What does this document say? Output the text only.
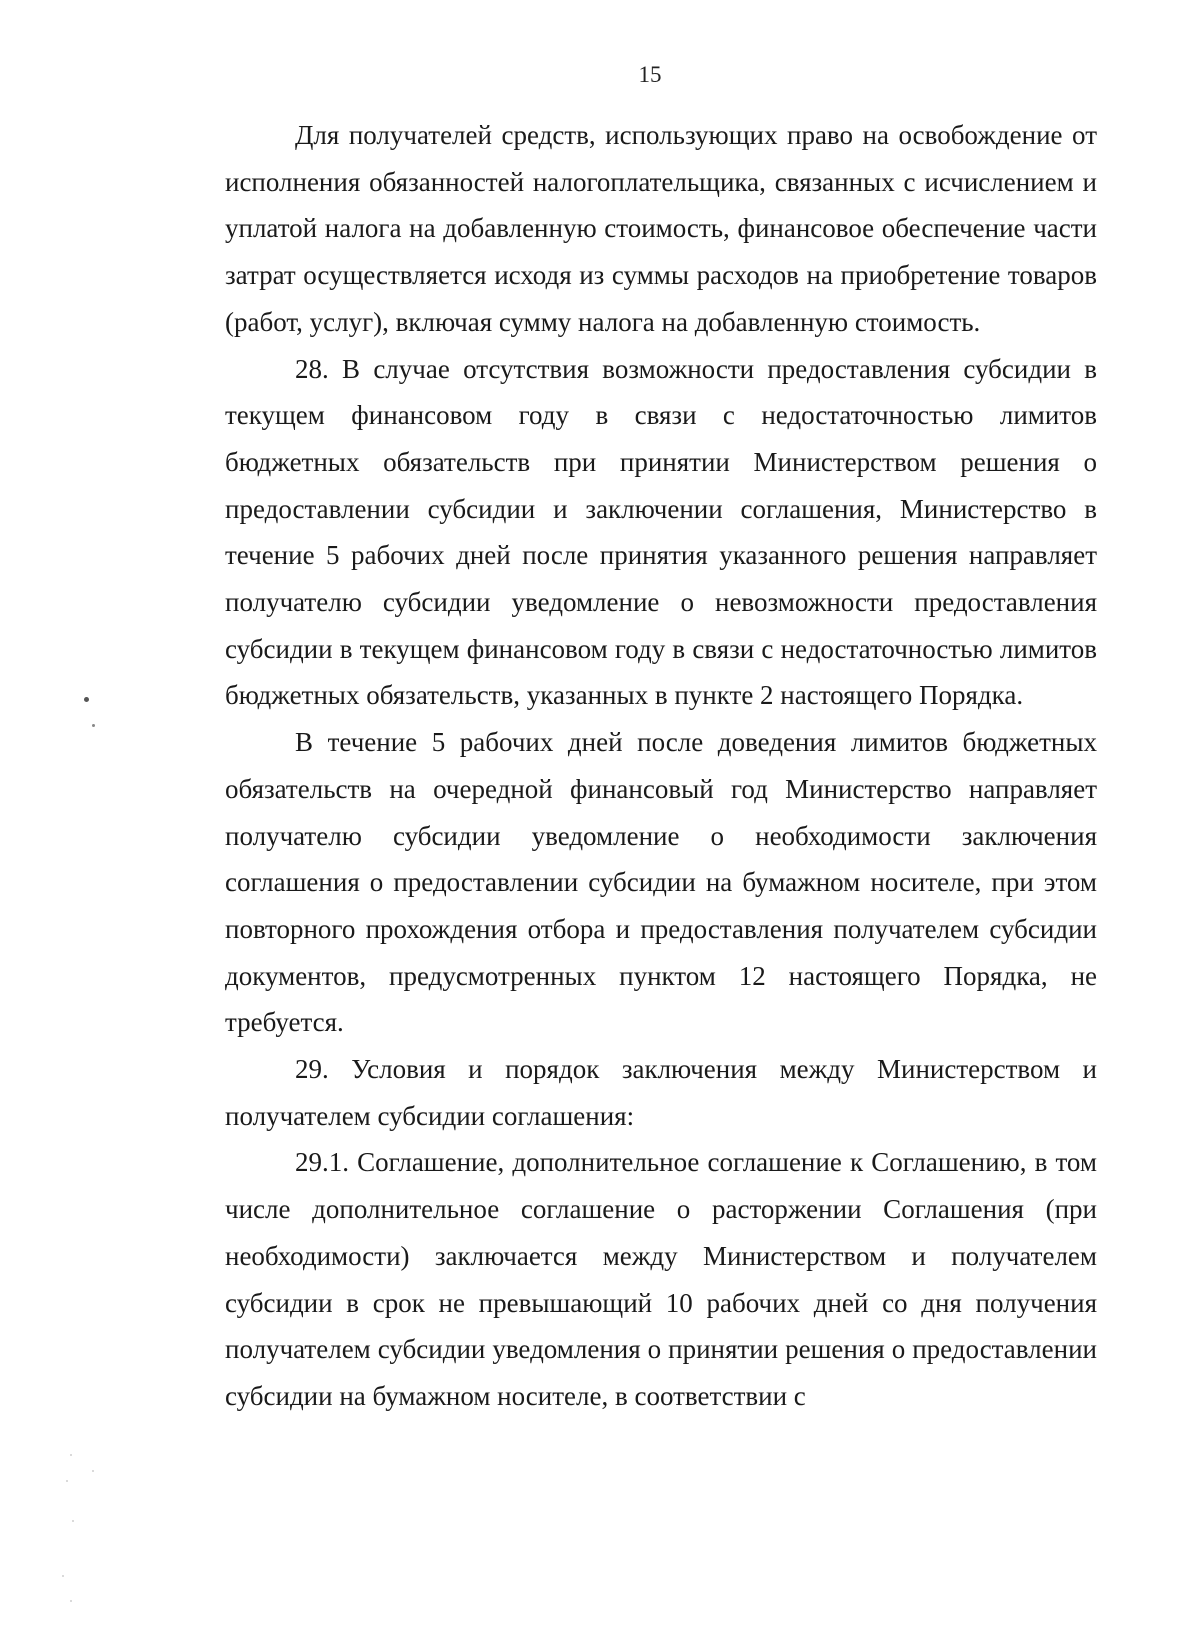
15

Для получателей средств, использующих право на освобождение от исполнения обязанностей налогоплательщика, связанных с исчислением и уплатой налога на добавленную стоимость, финансовое обеспечение части затрат осуществляется исходя из суммы расходов на приобретение товаров (работ, услуг), включая сумму налога на добавленную стоимость.

28. В случае отсутствия возможности предоставления субсидии в текущем финансовом году в связи с недостаточностью лимитов бюджетных обязательств при принятии Министерством решения о предоставлении субсидии и заключении соглашения, Министерство в течение 5 рабочих дней после принятия указанного решения направляет получателю субсидии уведомление о невозможности предоставления субсидии в текущем финансовом году в связи с недостаточностью лимитов бюджетных обязательств, указанных в пункте 2 настоящего Порядка.

В течение 5 рабочих дней после доведения лимитов бюджетных обязательств на очередной финансовый год Министерство направляет получателю субсидии уведомление о необходимости заключения соглашения о предоставлении субсидии на бумажном носителе, при этом повторного прохождения отбора и предоставления получателем субсидии документов, предусмотренных пунктом 12 настоящего Порядка, не требуется.

29. Условия и порядок заключения между Министерством и получателем субсидии соглашения:

29.1. Соглашение, дополнительное соглашение к Соглашению, в том числе дополнительное соглашение о расторжении Соглашения (при необходимости) заключается между Министерством и получателем субсидии в срок не превышающий 10 рабочих дней со дня получения получателем субсидии уведомления о принятии решения о предоставлении субсидии на бумажном носителе, в соответствии с
